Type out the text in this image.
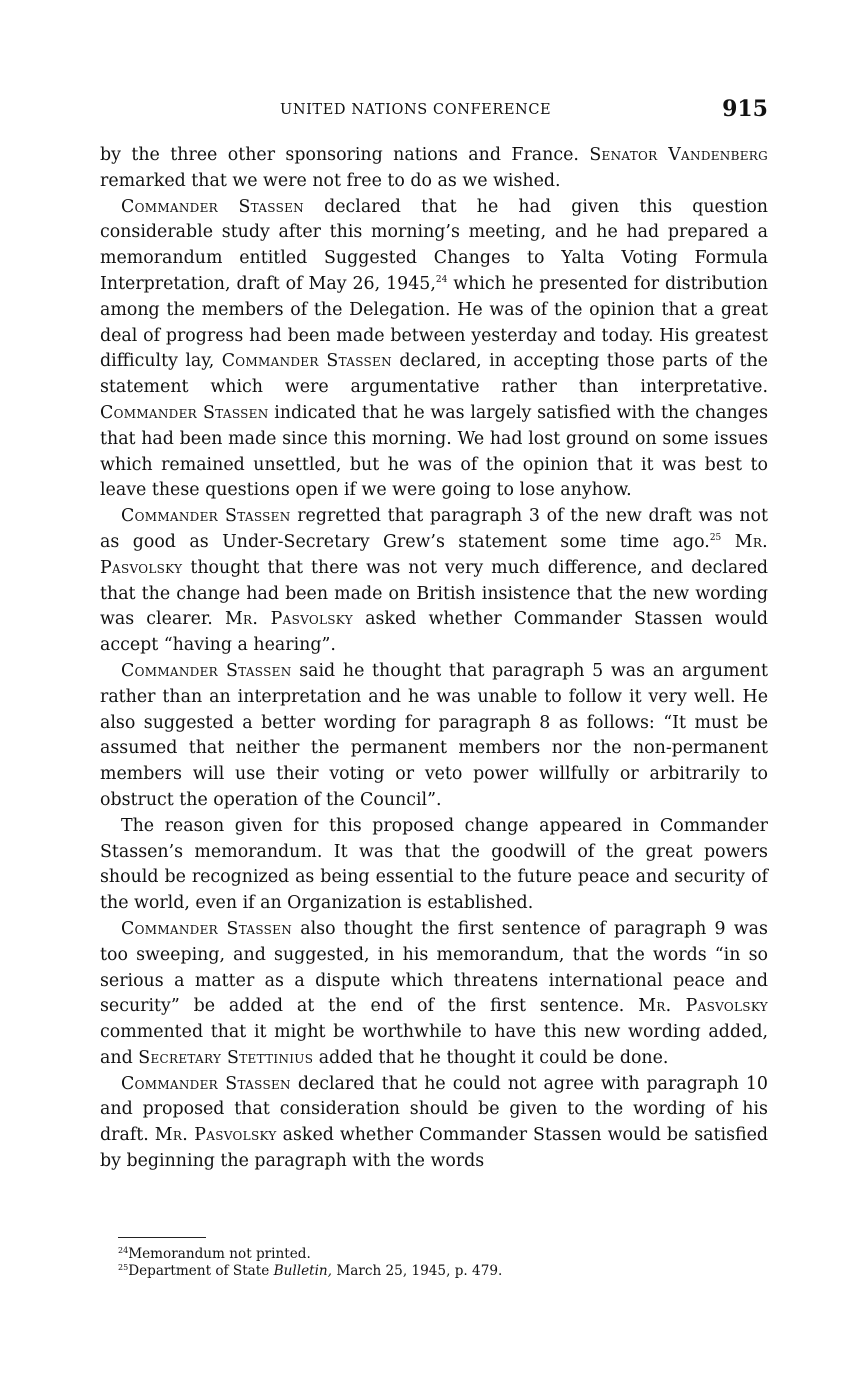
UNITED NATIONS CONFERENCE	915

by the three other sponsoring nations and France. Senator Vandenberg remarked that we were not free to do as we wished.

Commander Stassen declared that he had given this question considerable study after this morning’s meeting, and he had prepared a memorandum entitled Suggested Changes to Yalta Voting Formula Interpretation, draft of May 26, 1945,24 which he presented for distribution among the members of the Delegation. He was of the opinion that a great deal of progress had been made between yesterday and today. His greatest difficulty lay, Commander Stassen declared, in accepting those parts of the statement which were argumentative rather than interpretative. Commander Stassen indicated that he was largely satisfied with the changes that had been made since this morning. We had lost ground on some issues which remained unsettled, but he was of the opinion that it was best to leave these questions open if we were going to lose anyhow.

Commander Stassen regretted that paragraph 3 of the new draft was not as good as Under-Secretary Grew’s statement some time ago.$^{25}$ Mr. Pasvolsky thought that there was not very much difference, and declared that the change had been made on British insistence that the new wording was clearer. Mr. Pasvolsky asked whether Commander Stassen would accept “having a hearing”.

Commander Stassen said he thought that paragraph 5 was an argument rather than an interpretation and he was unable to follow it very well. He also suggested a better wording for paragraph 8 as follows: “It must be assumed that neither the permanent members nor the non-permanent members will use their voting or veto power willfully or arbitrarily to obstruct the operation of the Council”.

The reason given for this proposed change appeared in Commander Stassen’s memorandum. It was that the goodwill of the great powers should be recognized as being essential to the future peace and security of the world, even if an Organization is established.

Commander Stassen also thought the first sentence of paragraph 9 was too sweeping, and suggested, in his memorandum, that the words “in so serious a matter as a dispute which threatens international peace and security” be added at the end of the first sentence. Mr. Pasvolsky commented that it might be worthwhile to have this new wording added, and Secretary Stettinius added that he thought it could be done.

Commander Stassen declared that he could not agree with paragraph 10 and proposed that consideration should be given to the wording of his draft. Mr. Pasvolsky asked whether Commander Stassen would be satisfied by beginning the paragraph with the words

$^{24}$Memorandum not printed.
$^{25}$Department of State Bulletin, March 25, 1945, p. 479.
